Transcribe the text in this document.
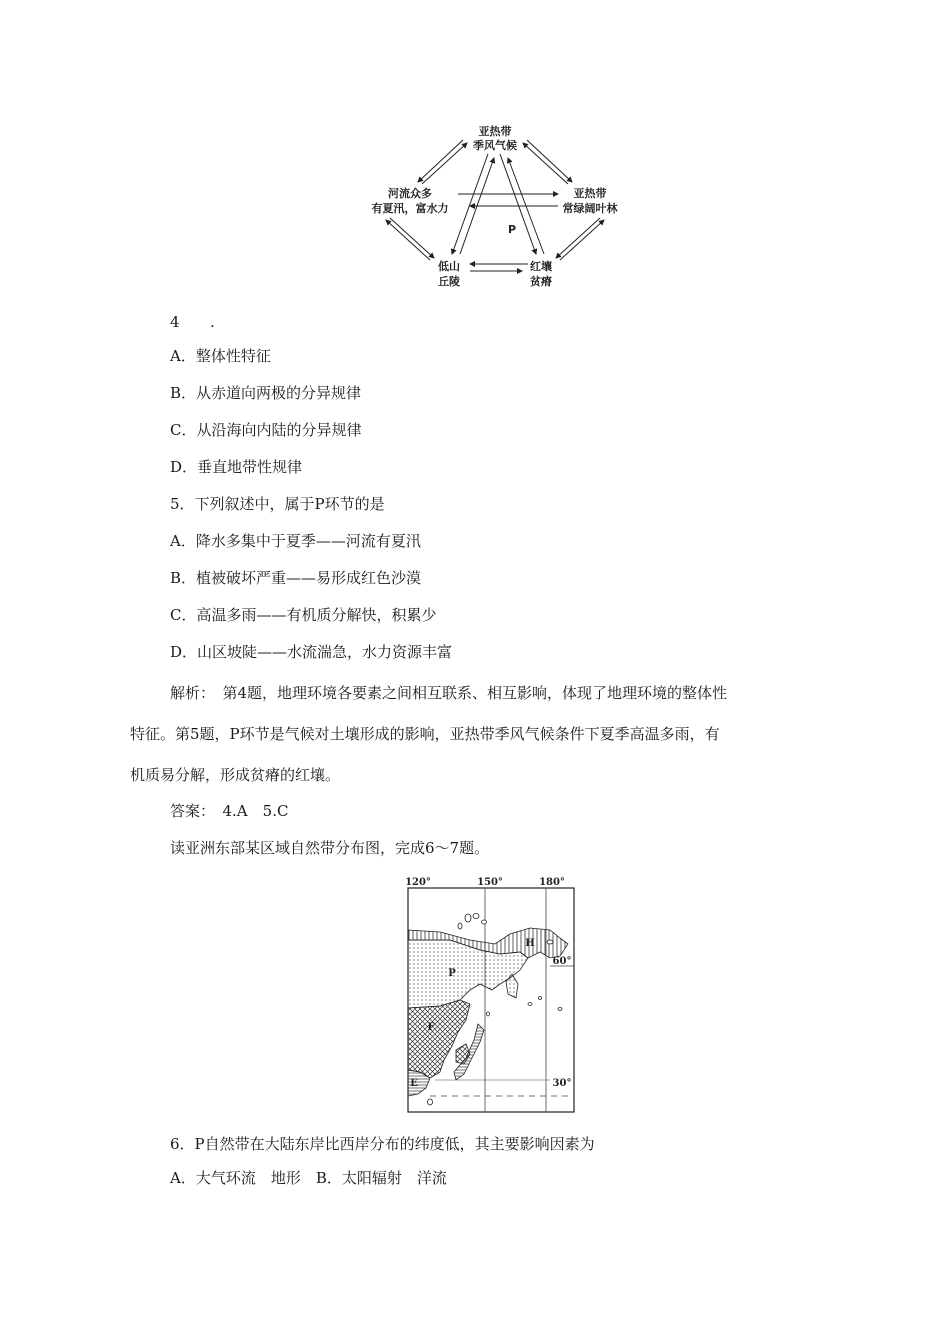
亚热带
季风气候
河流众多
有夏汛，富水力
亚热带
常绿阔叶林
低山
丘陵
红壤
贫瘠
P
4 .
A．整体性特征
B．从赤道向两极的分异规律
C．从沿海向内陆的分异规律
D．垂直地带性规律
5．下列叙述中，属于P环节的是
A．降水多集中于夏季——河流有夏汛
B．植被破坏严重——易形成红色沙漠
C．高温多雨——有机质分解快，积累少
D．山区坡陡——水流湍急，水力资源丰富
解析：　第4题，地理环境各要素之间相互联系、相互影响，体现了地理环境的整体性
特征。第5题，P环节是气候对土壤形成的影响，亚热带季风气候条件下夏季高温多雨，有
机质易分解，形成贫瘠的红壤。
答案：　4.A　5.C
读亚洲东部某区域自然带分布图，完成6～7题。
120°	150°	180°
60°
30°
H
P
F
E
6．P自然带在大陆东岸比西岸分布的纬度低，其主要影响因素为
A．大气环流　地形　B．太阳辐射　洋流
